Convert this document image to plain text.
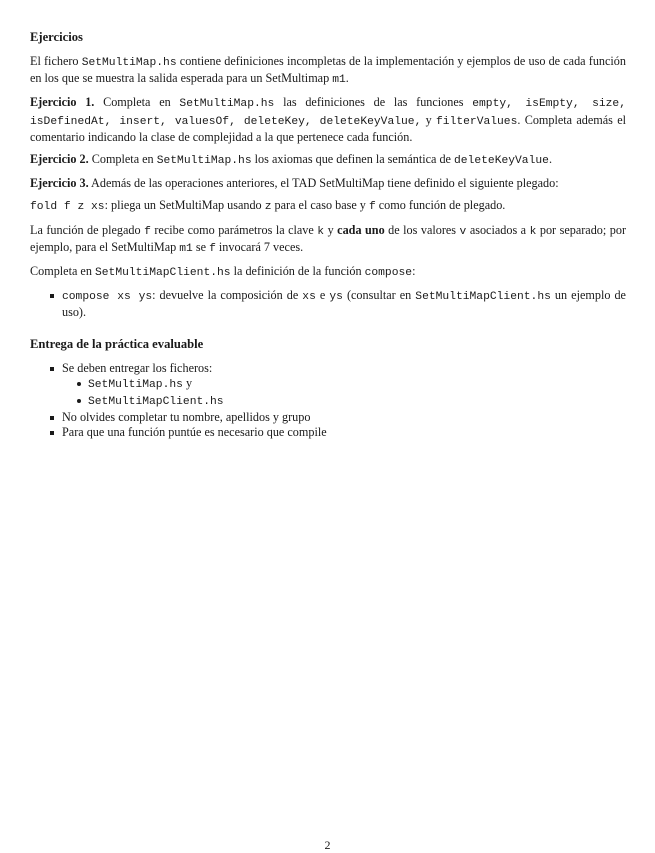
Ejercicios

El fichero SetMultiMap.hs contiene definiciones incompletas de la implementación y ejemplos de uso de cada función en los que se muestra la salida esperada para un SetMultimap m1.

Ejercicio 1. Completa en SetMultiMap.hs las definiciones de las funciones empty, isEmpty, size, isDefinedAt, insert, valuesOf, deleteKey, deleteKeyValue, y filterValues. Completa además el comentario indicando la clase de complejidad a la que pertenece cada función.

Ejercicio 2. Completa en SetMultiMap.hs los axiomas que definen la semántica de deleteKeyValue.

Ejercicio 3. Además de las operaciones anteriores, el TAD SetMultiMap tiene definido el siguiente plegado:

fold f z xs: pliega un SetMultiMap usando z para el caso base y f como función de plegado.

La función de plegado f recibe como parámetros la clave k y cada uno de los valores v asociados a k por separado; por ejemplo, para el SetMultiMap m1 se f invocará 7 veces.

Completa en SetMultiMapClient.hs la definición de la función compose:

compose xs ys: devuelve la composición de xs e ys (consultar en SetMultiMapClient.hs un ejemplo de uso).
Entrega de la práctica evaluable
Se deben entregar los ficheros:
SetMultiMap.hs y
SetMultiMapClient.hs
No olvides completar tu nombre, apellidos y grupo
Para que una función puntúe es necesario que compile
2
